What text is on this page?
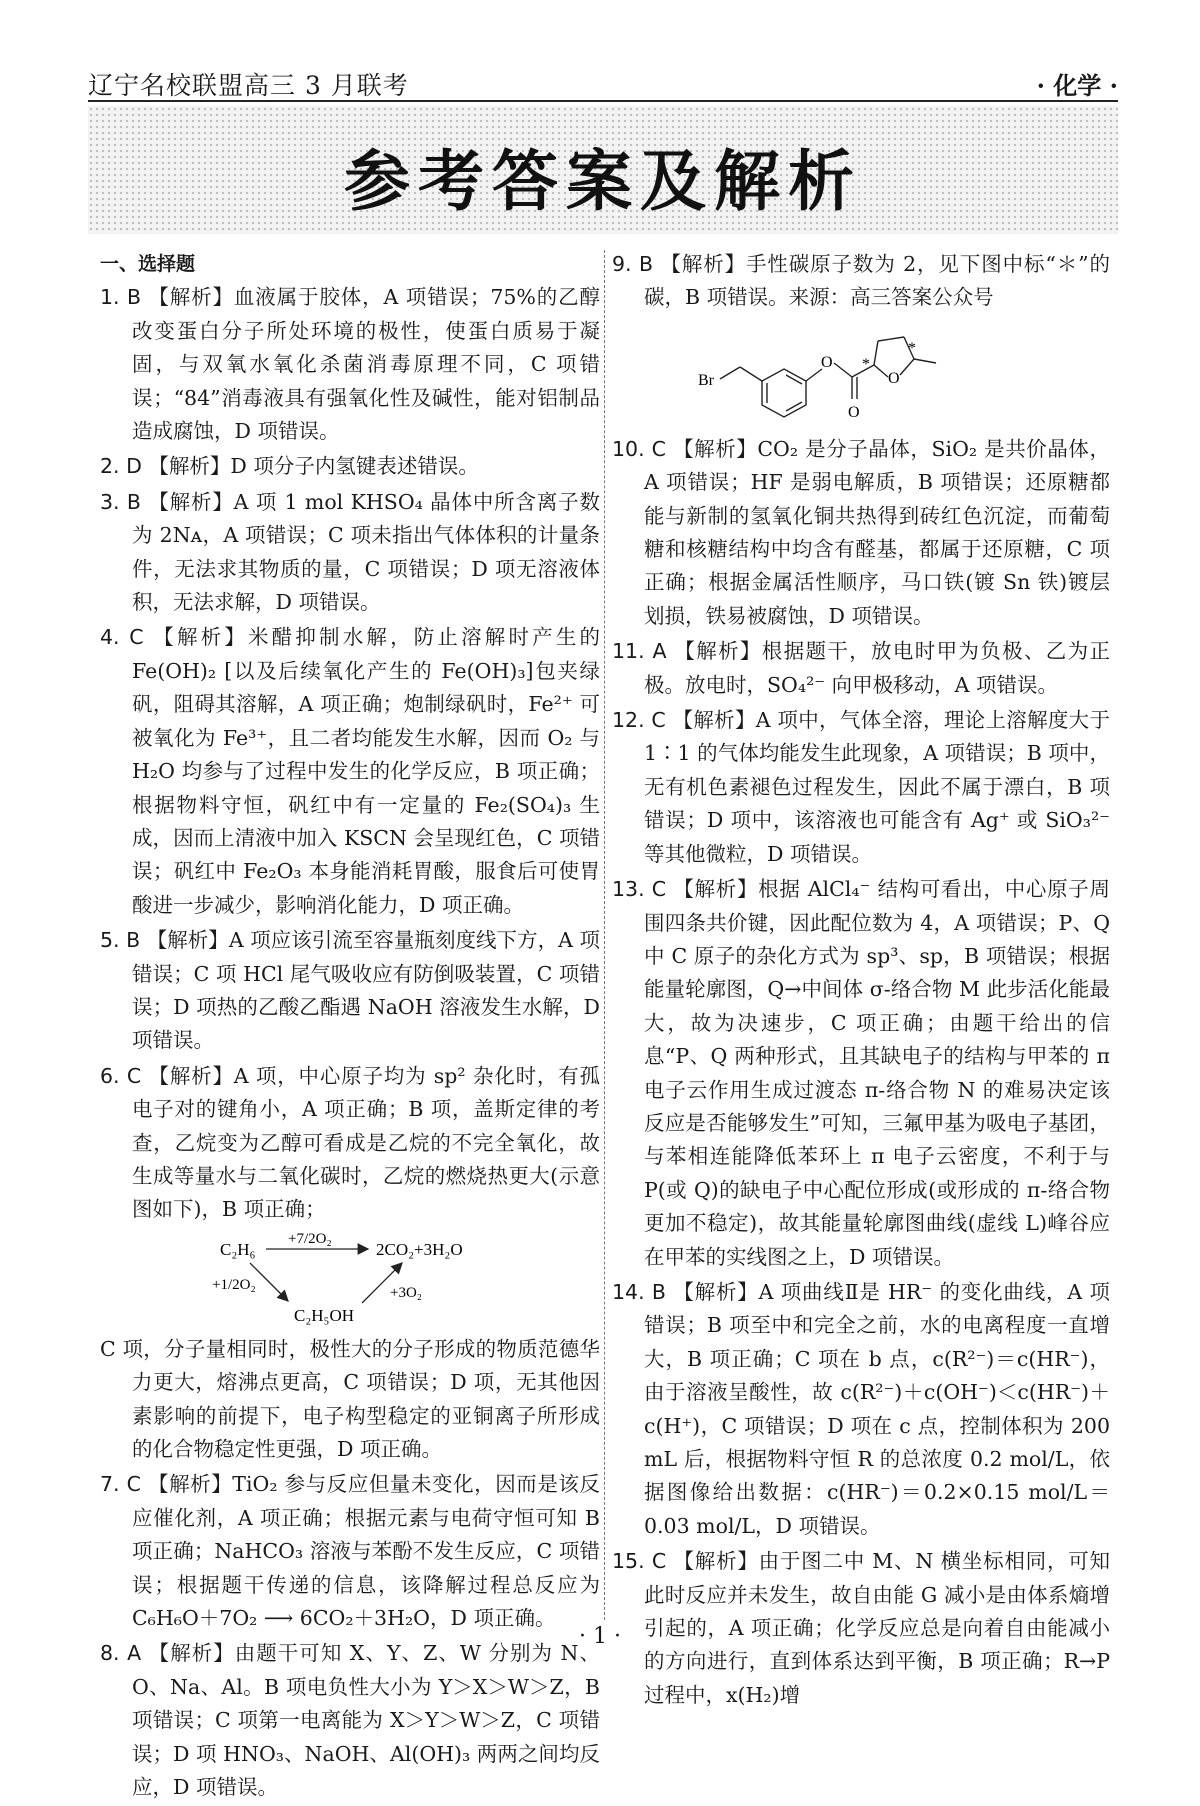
辽宁名校联盟高三 3 月联考	· 化学 ·
参考答案及解析
一、选择题
1. B 【解析】血液属于胶体，A 项错误；75%的乙醇改变蛋白分子所处环境的极性，使蛋白质易于凝固，与双氧水氧化杀菌消毒原理不同，C 项错误；“84”消毒液具有强氧化性及碱性，能对铝制品造成腐蚀，D 项错误。
2. D 【解析】D 项分子内氢键表述错误。
3. B 【解析】A 项 1 mol KHSO₄ 晶体中所含离子数为 2Nᴀ，A 项错误；C 项未指出气体体积的计量条件，无法求其物质的量，C 项错误；D 项无溶液体积，无法求解，D 项错误。
4. C 【解析】米醋抑制水解，防止溶解时产生的 Fe(OH)₂ [以及后续氧化产生的 Fe(OH)₃]包夹绿矾，阻碍其溶解，A 项正确；炮制绿矾时，Fe²⁺ 可被氧化为 Fe³⁺，且二者均能发生水解，因而 O₂ 与 H₂O 均参与了过程中发生的化学反应，B 项正确；根据物料守恒，矾红中有一定量的 Fe₂(SO₄)₃ 生成，因而上清液中加入 KSCN 会呈现红色，C 项错误；矾红中 Fe₂O₃ 本身能消耗胃酸，服食后可使胃酸进一步减少，影响消化能力，D 项正确。
5. B 【解析】A 项应该引流至容量瓶刻度线下方，A 项错误；C 项 HCl 尾气吸收应有防倒吸装置，C 项错误；D 项热的乙酸乙酯遇 NaOH 溶液发生水解，D 项错误。
6. C 【解析】A 项，中心原子均为 sp² 杂化时，有孤电子对的键角小，A 项正确；B 项，盖斯定律的考查，乙烷变为乙醇可看成是乙烷的不完全氧化，故生成等量水与二氧化碳时，乙烷的燃烧热更大(示意图如下)，B 项正确；
C₂H₆
+7/2O₂
2CO₂+3H₂O
+1/2O₂
C₂H₅OH
+3O₂
C 项，分子量相同时，极性大的分子形成的物质范德华力更大，熔沸点更高，C 项错误；D 项，无其他因素影响的前提下，电子构型稳定的亚铜离子所形成的化合物稳定性更强，D 项正确。
7. C 【解析】TiO₂ 参与反应但量未变化，因而是该反应催化剂，A 项正确；根据元素与电荷守恒可知 B 项正确；NaHCO₃ 溶液与苯酚不发生反应，C 项错误；根据题干传递的信息，该降解过程总反应为 C₆H₆O＋7O₂ ⟶ 6CO₂＋3H₂O，D 项正确。
8. A 【解析】由题干可知 X、Y、Z、W 分别为 N、O、Na、Al。B 项电负性大小为 Y＞X＞W＞Z，B 项错误；C 项第一电离能为 X＞Y＞W＞Z，C 项错误；D 项 HNO₃、NaOH、Al(OH)₃ 两两之间均反应，D 项错误。
9. B 【解析】手性碳原子数为 2，见下图中标“＊”的碳，B 项错误。来源：高三答案公众号
Br
O
O
O
*
*
10. C 【解析】CO₂ 是分子晶体，SiO₂ 是共价晶体，A 项错误；HF 是弱电解质，B 项错误；还原糖都能与新制的氢氧化铜共热得到砖红色沉淀，而葡萄糖和核糖结构中均含有醛基，都属于还原糖，C 项正确；根据金属活性顺序，马口铁(镀 Sn 铁)镀层划损，铁易被腐蚀，D 项错误。
11. A 【解析】根据题干，放电时甲为负极、乙为正极。放电时，SO₄²⁻ 向甲极移动，A 项错误。
12. C 【解析】A 项中，气体全溶，理论上溶解度大于 1∶1 的气体均能发生此现象，A 项错误；B 项中，无有机色素褪色过程发生，因此不属于漂白，B 项错误；D 项中，该溶液也可能含有 Ag⁺ 或 SiO₃²⁻ 等其他微粒，D 项错误。
13. C 【解析】根据 AlCl₄⁻ 结构可看出，中心原子周围四条共价键，因此配位数为 4，A 项错误；P、Q 中 C 原子的杂化方式为 sp³、sp，B 项错误；根据能量轮廓图，Q→中间体 σ-络合物 M 此步活化能最大，故为决速步，C 项正确；由题干给出的信息“P、Q 两种形式，且其缺电子的结构与甲苯的 π 电子云作用生成过渡态 π-络合物 N 的难易决定该反应是否能够发生”可知，三氟甲基为吸电子基团，与苯相连能降低苯环上 π 电子云密度，不利于与 P(或 Q)的缺电子中心配位形成(或形成的 π-络合物更加不稳定)，故其能量轮廓图曲线(虚线 L)峰谷应在甲苯的实线图之上，D 项错误。
14. B 【解析】A 项曲线Ⅱ是 HR⁻ 的变化曲线，A 项错误；B 项至中和完全之前，水的电离程度一直增大，B 项正确；C 项在 b 点，c(R²⁻)＝c(HR⁻)，由于溶液呈酸性，故 c(R²⁻)＋c(OH⁻)＜c(HR⁻)＋c(H⁺)，C 项错误；D 项在 c 点，控制体积为 200 mL 后，根据物料守恒 R 的总浓度 0.2 mol/L，依据图像给出数据：c(HR⁻)＝0.2×0.15 mol/L＝0.03 mol/L，D 项错误。
15. C 【解析】由于图二中 M、N 横坐标相同，可知此时反应并未发生，故自由能 G 减小是由体系熵增引起的，A 项正确；化学反应总是向着自由能减小的方向进行，直到体系达到平衡，B 项正确；R→P 过程中，x(H₂)增
· 1 ·
